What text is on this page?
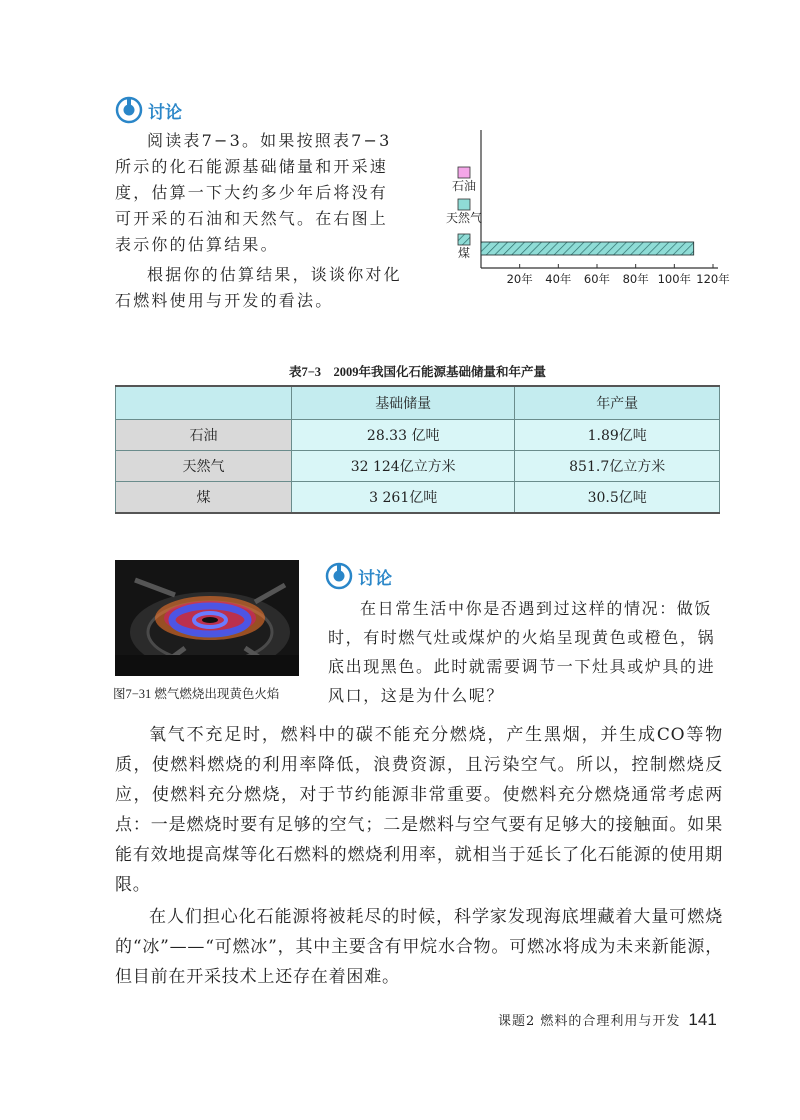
讨论

阅读表7−3。如果按照表7−3所示的化石能源基础储量和开采速度，估算一下大约多少年后将没有可开采的石油和天然气。在右图上表示你的估算结果。

根据你的估算结果，谈谈你对化石燃料使用与开发的看法。

石油
天然气
煤
20年 40年 60年 80年 100年 120年
表7−3　2009年我国化石能源基础储量和年产量
	基础储量	年产量
石油	28.33 亿吨	1.89亿吨
天然气	32 124亿立方米	851.7亿立方米
煤	3 261亿吨	30.5亿吨
图7−31 燃气燃烧出现黄色火焰
讨论

在日常生活中你是否遇到过这样的情况：做饭时，有时燃气灶或煤炉的火焰呈现黄色或橙色，锅底出现黑色。此时就需要调节一下灶具或炉具的进风口，这是为什么呢？

氧气不充足时，燃料中的碳不能充分燃烧，产生黑烟，并生成CO等物质，使燃料燃烧的利用率降低，浪费资源，且污染空气。所以，控制燃烧反应，使燃料充分燃烧，对于节约能源非常重要。使燃料充分燃烧通常考虑两点：一是燃烧时要有足够的空气；二是燃料与空气要有足够大的接触面。如果能有效地提高煤等化石燃料的燃烧利用率，就相当于延长了化石能源的使用期限。

在人们担心化石能源将被耗尽的时候，科学家发现海底埋藏着大量可燃烧的“冰”——“可燃冰”，其中主要含有甲烷水合物。可燃冰将成为未来新能源，但目前在开采技术上还存在着困难。

课题2 燃料的合理利用与开发 141
